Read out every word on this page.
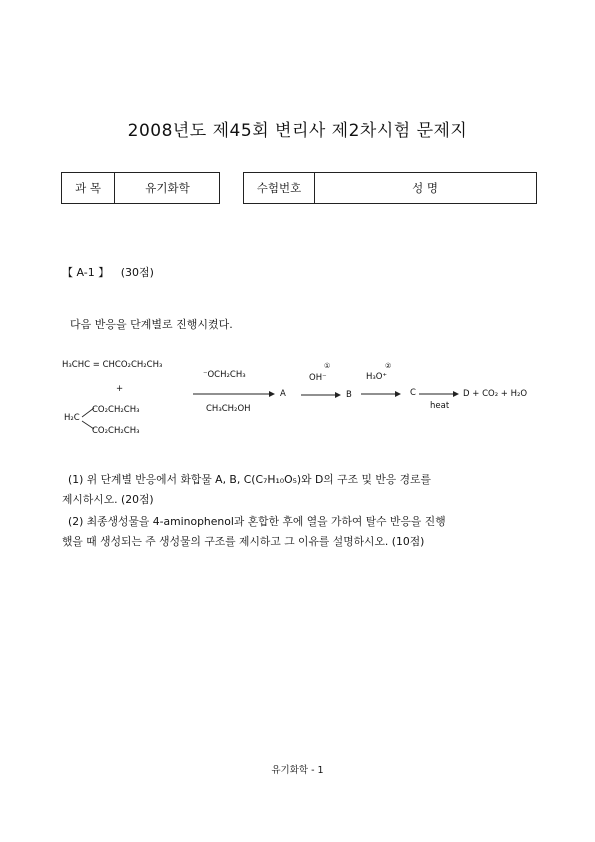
2008년도 제45회 변리사 제2차시험 문제지
과 목	유기화학	수험번호	성 명
【 A-1 】 (30점)
다음 반응을 단계별로 진행시켰다.
H₃CHC = CHCO₂CH₂CH₃
+
H₂C
CO₂CH₂CH₃
CO₂CH₂CH₃
⁻OCH₂CH₃
CH₃CH₂OH
A
OH⁻
①
→ B
H₃O⁺
②
→ C →
heat
D + CO₂ + H₂O
(1) 위 단계별 반응에서 화합물 A, B, C(C₇H₁₀O₅)와 D의 구조 및 반응 경로를
제시하시오. (20점)
(2) 최종생성물을 4-aminophenol과 혼합한 후에 열을 가하여 탈수 반응을 진행
했을 때 생성되는 주 생성물의 구조를 제시하고 그 이유를 설명하시오. (10점)
유기화학 - 1
